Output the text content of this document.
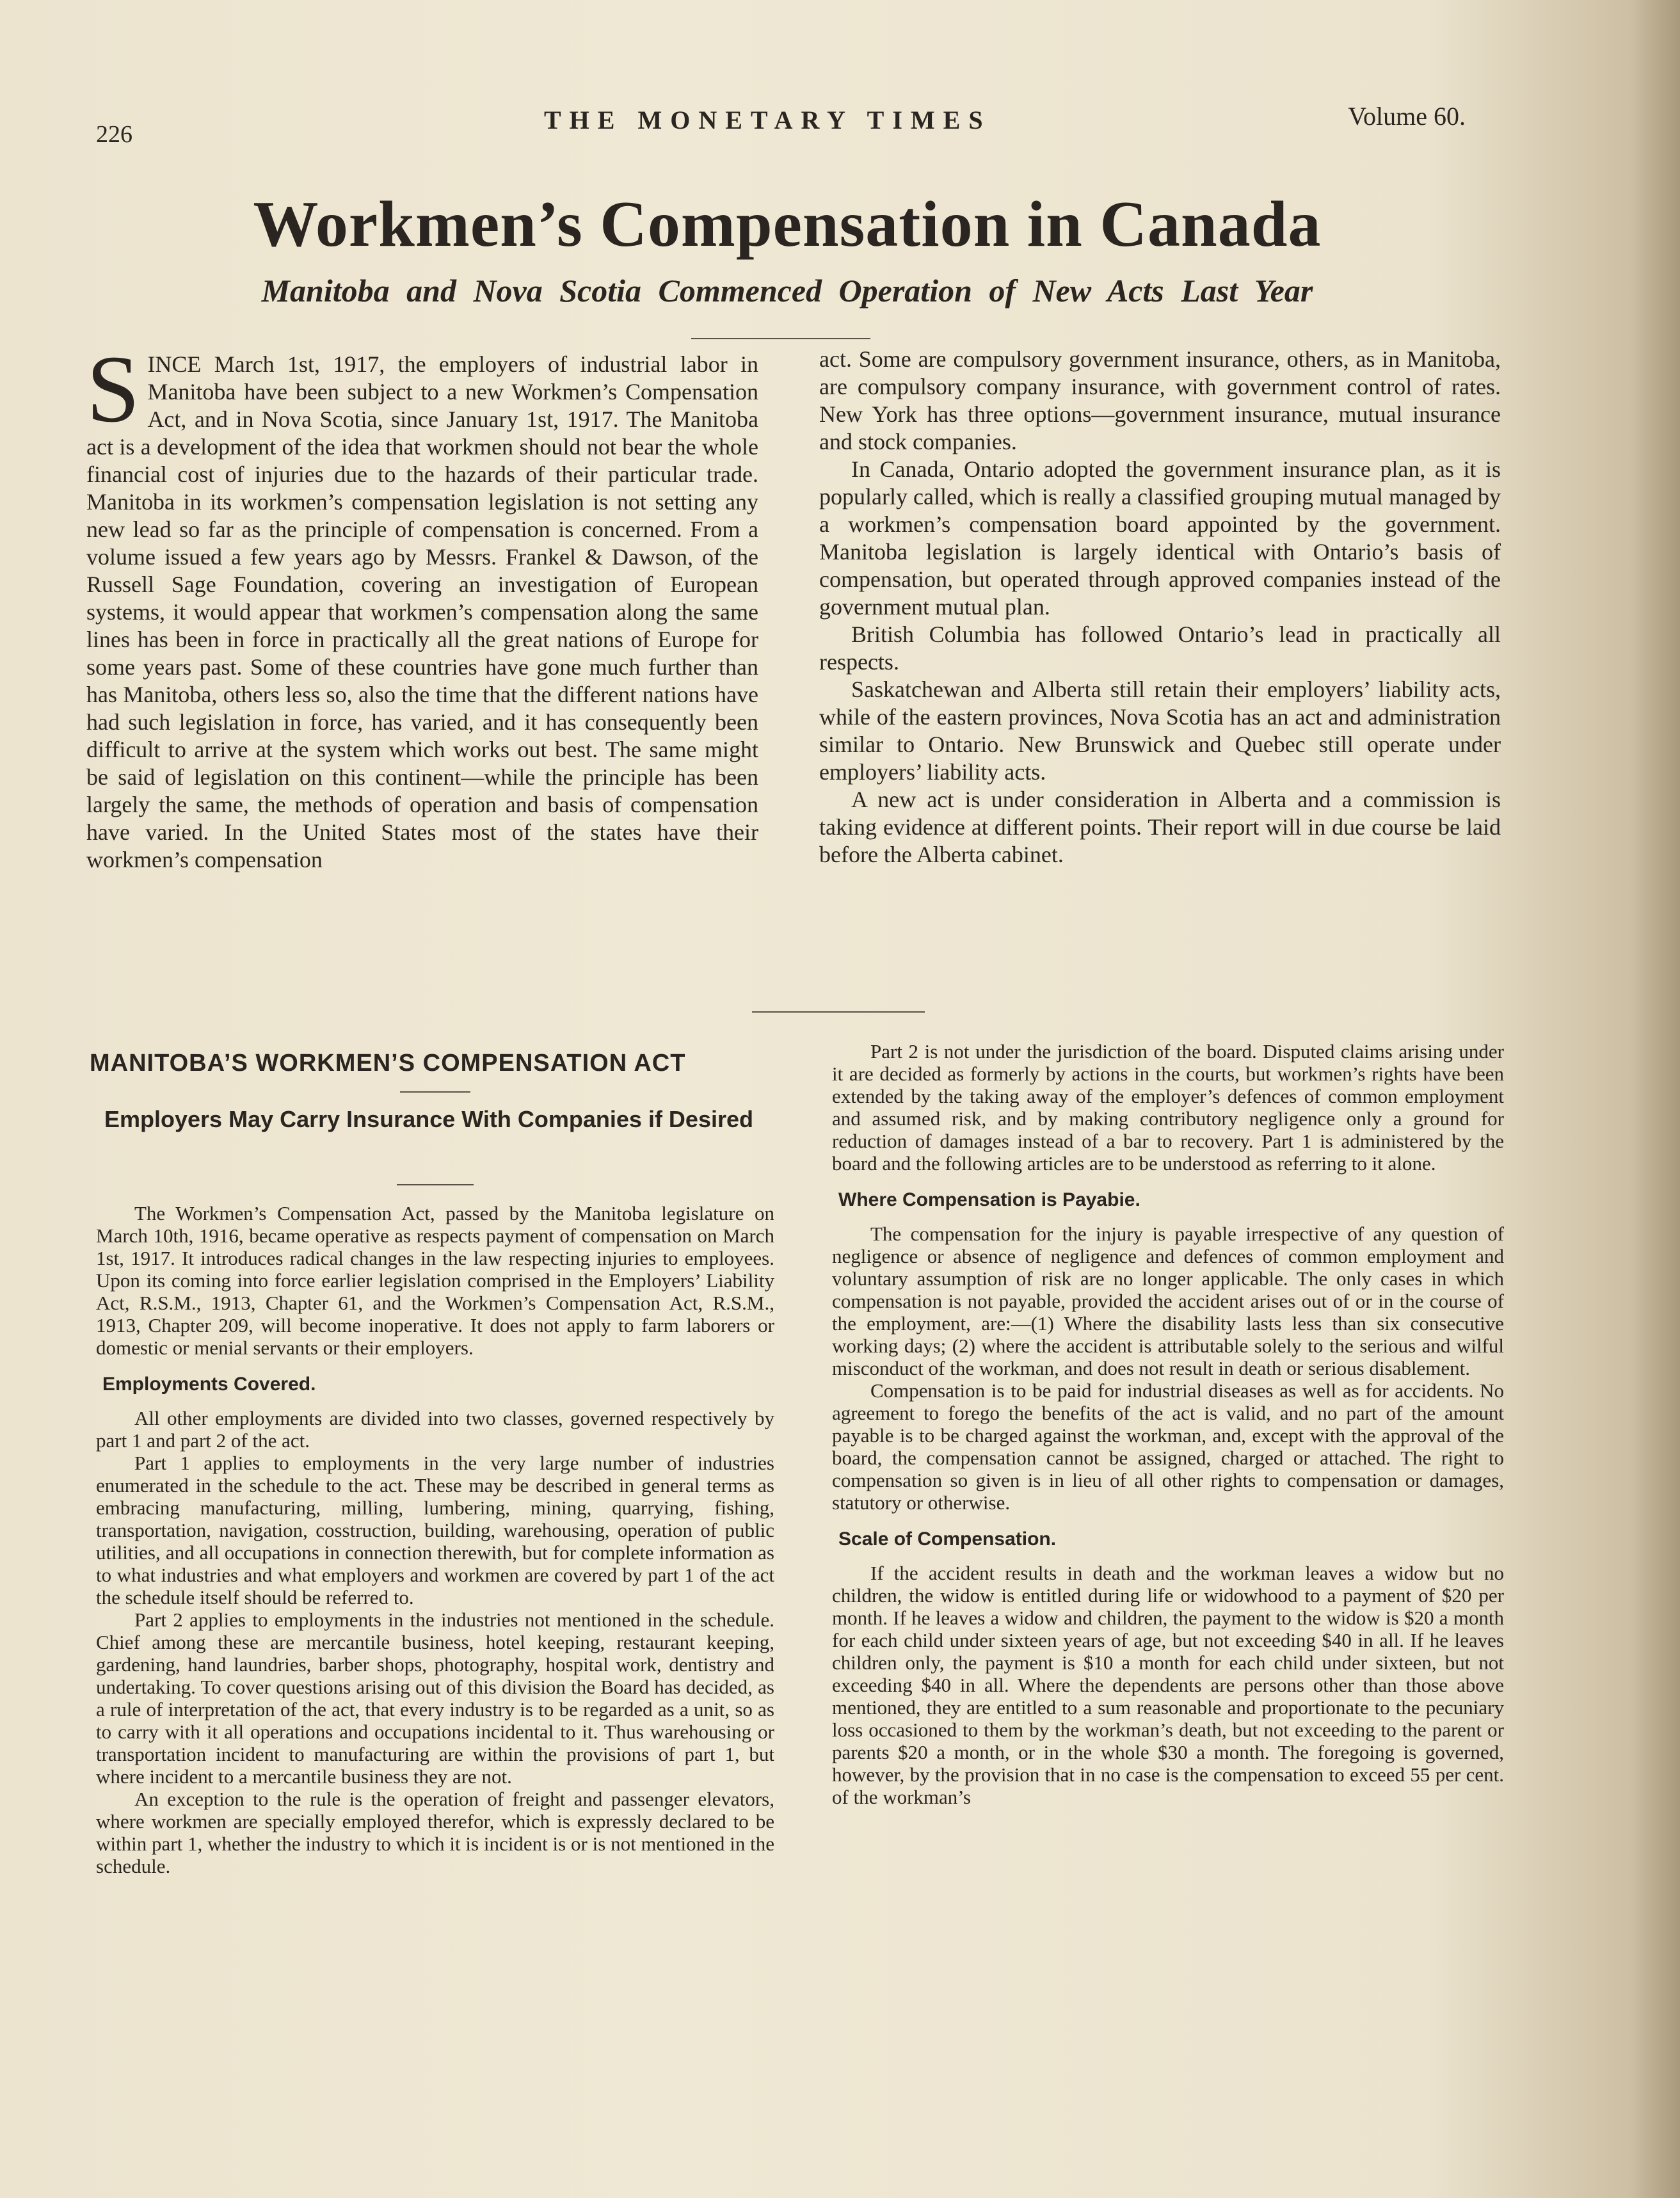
226	THE MONETARY TIMES	Volume 60.
Workmen’s Compensation in Canada
Manitoba and Nova Scotia Commenced Operation of New Acts Last Year

SINCE March 1st, 1917, the employers of industrial labor in Manitoba have been subject to a new Workmen’s Compensation Act, and in Nova Scotia, since January 1st, 1917. The Manitoba act is a development of the idea that workmen should not bear the whole financial cost of injuries due to the hazards of their particular trade. Manitoba in its workmen’s compensation legislation is not setting any new lead so far as the principle of compensation is concerned. From a volume issued a few years ago by Messrs. Frankel & Dawson, of the Russell Sage Foundation, covering an investigation of European systems, it would appear that workmen’s compensation along the same lines has been in force in practically all the great nations of Europe for some years past. Some of these countries have gone much further than has Manitoba, others less so, also the time that the different nations have had such legislation in force, has varied, and it has consequently been difficult to arrive at the system which works out best. The same might be said of legislation on this continent—while the principle has been largely the same, the methods of operation and basis of compensation have varied. In the United States most of the states have their workmen’s compensation

act. Some are compulsory government insurance, others, as in Manitoba, are compulsory company insurance, with government control of rates. New York has three options—government insurance, mutual insurance and stock companies.

In Canada, Ontario adopted the government insurance plan, as it is popularly called, which is really a classified grouping mutual managed by a workmen’s compensation board appointed by the government. Manitoba legislation is largely identical with Ontario’s basis of compensation, but operated through approved companies instead of the government mutual plan.

British Columbia has followed Ontario’s lead in practically all respects.

Saskatchewan and Alberta still retain their employers’ liability acts, while of the eastern provinces, Nova Scotia has an act and administration similar to Ontario. New Brunswick and Quebec still operate under employers’ liability acts.

A new act is under consideration in Alberta and a commission is taking evidence at different points. Their report will in due course be laid before the Alberta cabinet.

MANITOBA’S WORKMEN’S COMPENSATION ACT
Employers May Carry Insurance With Companies if Desired

The Workmen’s Compensation Act, passed by the Manitoba legislature on March 10th, 1916, became operative as respects payment of compensation on March 1st, 1917. It introduces radical changes in the law respecting injuries to employees. Upon its coming into force earlier legislation comprised in the Employers’ Liability Act, R.S.M., 1913, Chapter 61, and the Workmen’s Compensation Act, R.S.M., 1913, Chapter 209, will become inoperative. It does not apply to farm laborers or domestic or menial servants or their employers.

Employments Covered.

All other employments are divided into two classes, governed respectively by part 1 and part 2 of the act.

Part 1 applies to employments in the very large number of industries enumerated in the schedule to the act. These may be described in general terms as embracing manufacturing, milling, lumbering, mining, quarrying, fishing, transportation, navigation, cosstruction, building, warehousing, operation of public utilities, and all occupations in connection therewith, but for complete information as to what industries and what employers and workmen are covered by part 1 of the act the schedule itself should be referred to.

Part 2 applies to employments in the industries not mentioned in the schedule. Chief among these are mercantile business, hotel keeping, restaurant keeping, gardening, hand laundries, barber shops, photography, hospital work, dentistry and undertaking. To cover questions arising out of this division the Board has decided, as a rule of interpretation of the act, that every industry is to be regarded as a unit, so as to carry with it all operations and occupations incidental to it. Thus warehousing or transportation incident to manufacturing are within the provisions of part 1, but where incident to a mercantile business they are not.

An exception to the rule is the operation of freight and passenger elevators, where workmen are specially employed therefor, which is expressly declared to be within part 1, whether the industry to which it is incident is or is not mentioned in the schedule.

Part 2 is not under the jurisdiction of the board. Disputed claims arising under it are decided as formerly by actions in the courts, but workmen’s rights have been extended by the taking away of the employer’s defences of common employment and assumed risk, and by making contributory negligence only a ground for reduction of damages instead of a bar to recovery. Part 1 is administered by the board and the following articles are to be understood as referring to it alone.

Where Compensation is Payabie.

The compensation for the injury is payable irrespective of any question of negligence or absence of negligence and defences of common employment and voluntary assumption of risk are no longer applicable. The only cases in which compensation is not payable, provided the accident arises out of or in the course of the employment, are:—(1) Where the disability lasts less than six consecutive working days; (2) where the accident is attributable solely to the serious and wilful misconduct of the workman, and does not result in death or serious disablement.

Compensation is to be paid for industrial diseases as well as for accidents. No agreement to forego the benefits of the act is valid, and no part of the amount payable is to be charged against the workman, and, except with the approval of the board, the compensation cannot be assigned, charged or attached. The right to compensation so given is in lieu of all other rights to compensation or damages, statutory or otherwise.

Scale of Compensation.

If the accident results in death and the workman leaves a widow but no children, the widow is entitled during life or widowhood to a payment of $20 per month. If he leaves a widow and children, the payment to the widow is $20 a month for each child under sixteen years of age, but not exceeding $40 in all. If he leaves children only, the payment is $10 a month for each child under sixteen, but not exceeding $40 in all. Where the dependents are persons other than those above mentioned, they are entitled to a sum reasonable and proportionate to the pecuniary loss occasioned to them by the workman’s death, but not exceeding to the parent or parents $20 a month, or in the whole $30 a month. The foregoing is governed, however, by the provision that in no case is the compensation to exceed 55 per cent. of the workman’s
